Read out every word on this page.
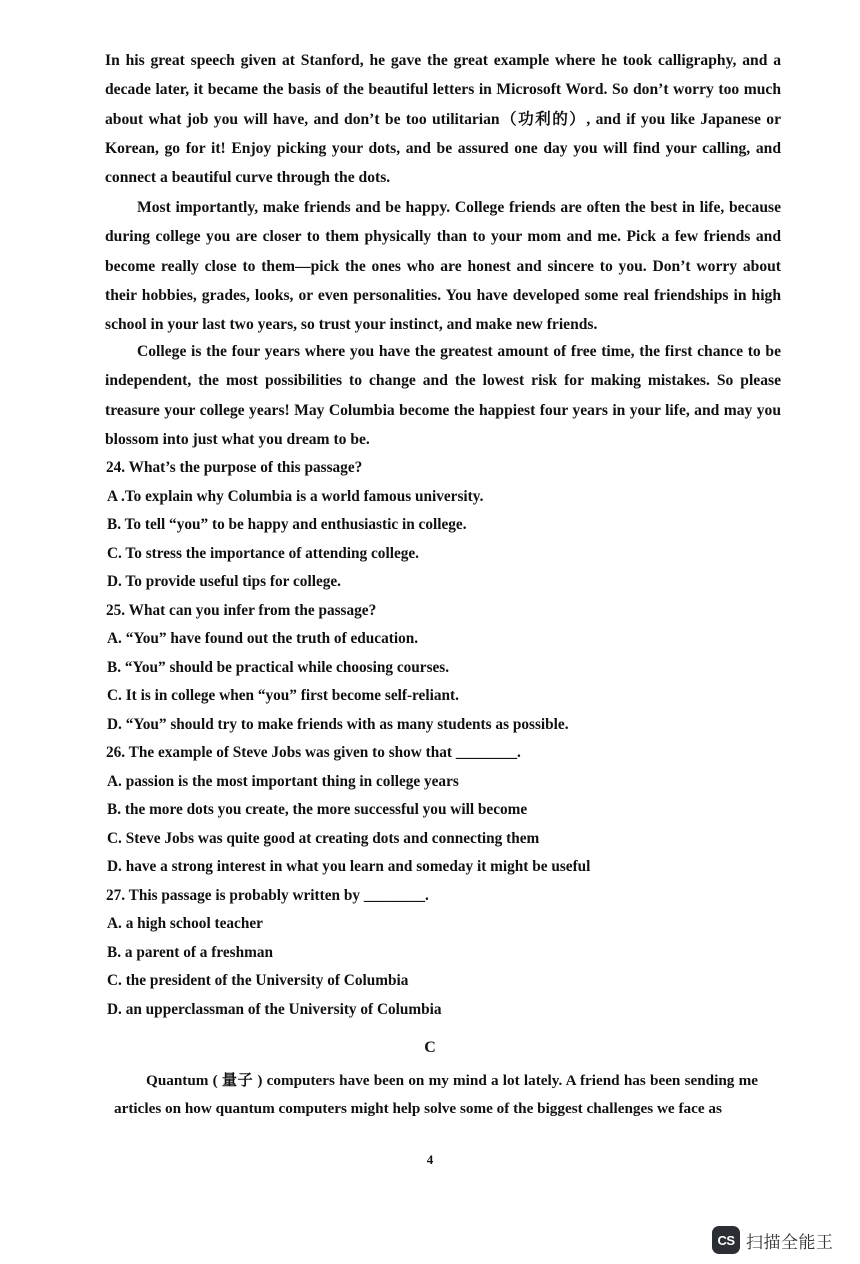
In his great speech given at Stanford, he gave the great example where he took calligraphy, and a decade later, it became the basis of the beautiful letters in Microsoft Word. So don’t worry too much about what job you will have, and don’t be too utilitarian（功利的）, and if you like Japanese or Korean, go for it! Enjoy picking your dots, and be assured one day you will find your calling, and connect a beautiful curve through the dots.

Most importantly, make friends and be happy. College friends are often the best in life, because during college you are closer to them physically than to your mom and me. Pick a few friends and become really close to them—pick the ones who are honest and sincere to you. Don’t worry about their hobbies, grades, looks, or even personalities. You have developed some real friendships in high school in your last two years, so trust your instinct, and make new friends.

College is the four years where you have the greatest amount of free time, the first chance to be independent, the most possibilities to change and the lowest risk for making mistakes. So please treasure your college years! May Columbia become the happiest four years in your life, and may you blossom into just what you dream to be.

24. What’s the purpose of this passage?
A .To explain why Columbia is a world famous university.
B. To tell “you” to be happy and enthusiastic in college.
C. To stress the importance of attending college.
D. To provide useful tips for college.
25. What can you infer from the passage?
A. “You” have found out the truth of education.
B. “You” should be practical while choosing courses.
C. It is in college when “you” first become self-reliant.
D. “You” should try to make friends with as many students as possible.
26. The example of Steve Jobs was given to show that ________.
A. passion is the most important thing in college years
B. the more dots you create, the more successful you will become
C. Steve Jobs was quite good at creating dots and connecting them
D. have a strong interest in what you learn and someday it might be useful
27. This passage is probably written by ________.
A. a high school teacher
B. a parent of a freshman
C. the president of the University of Columbia
D. an upperclassman of the University of Columbia
C

Quantum ( 量子 ) computers have been on my mind a lot lately. A friend has been sending me articles on how quantum computers might help solve some of the biggest challenges we face as

4
CS 扫描全能王
